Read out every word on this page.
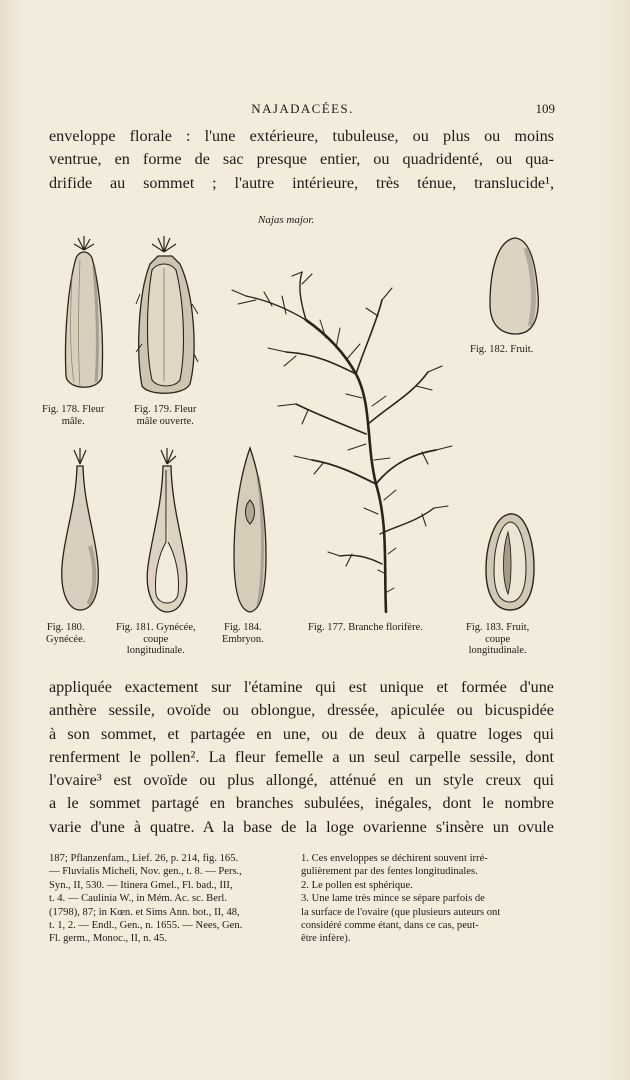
NAJADACÉES.	109
enveloppe florale : l'une extérieure, tubuleuse, ou plus ou moins
ventrue, en forme de sac presque entier, ou quadridenté, ou qua-
drifide au sommet ; l'autre intérieure, très ténue, translucide¹,
Najas major.
Fig. 178. Fleur
mâle.
Fig. 179. Fleur
mâle ouverte.
Fig. 182. Fruit.
Fig. 180.
Gynécée.
Fig. 181. Gynécée,
coupe
longitudinale.
Fig. 184.
Embryon.
Fig. 177. Branche florifère.	Fig. 183. Fruit,
coupe
longitudinale.
appliquée exactement sur l'étamine qui est unique et formée d'une
anthère sessile, ovoïde ou oblongue, dressée, apiculée ou bicuspidée
à son sommet, et partagée en une, ou de deux à quatre loges qui
renferment le pollen². La fleur femelle a un seul carpelle sessile, dont
l'ovaire³ est ovoïde ou plus allongé, atténué en un style creux qui
a le sommet partagé en branches subulées, inégales, dont le nombre
varie d'une à quatre. A la base de la loge ovarienne s'insère un ovule
187; Pflanzenfam., Lief. 26, p. 214, fig. 165.
— Fluvialis Micheli, Nov. gen., t. 8. — Pers.,
Syn., II, 530. — Itinera Gmel., Fl. bad., III,
t. 4. — Caulinia W., in Mém. Ac. sc. Berl.
(1798), 87; in Kœn. et Sims Ann. bot., II, 48,
t. 1, 2. — Endl., Gen., n. 1655. — Nees, Gen.
Fl. germ., Monoc., II, n. 45.
1. Ces enveloppes se déchirent souvent irré-
gulièrement par des fentes longitudinales.
2. Le pollen est sphérique.
3. Une lame très mince se sépare parfois de
la surface de l'ovaire (que plusieurs auteurs ont
considéré comme étant, dans ce cas, peut-
être infère).
